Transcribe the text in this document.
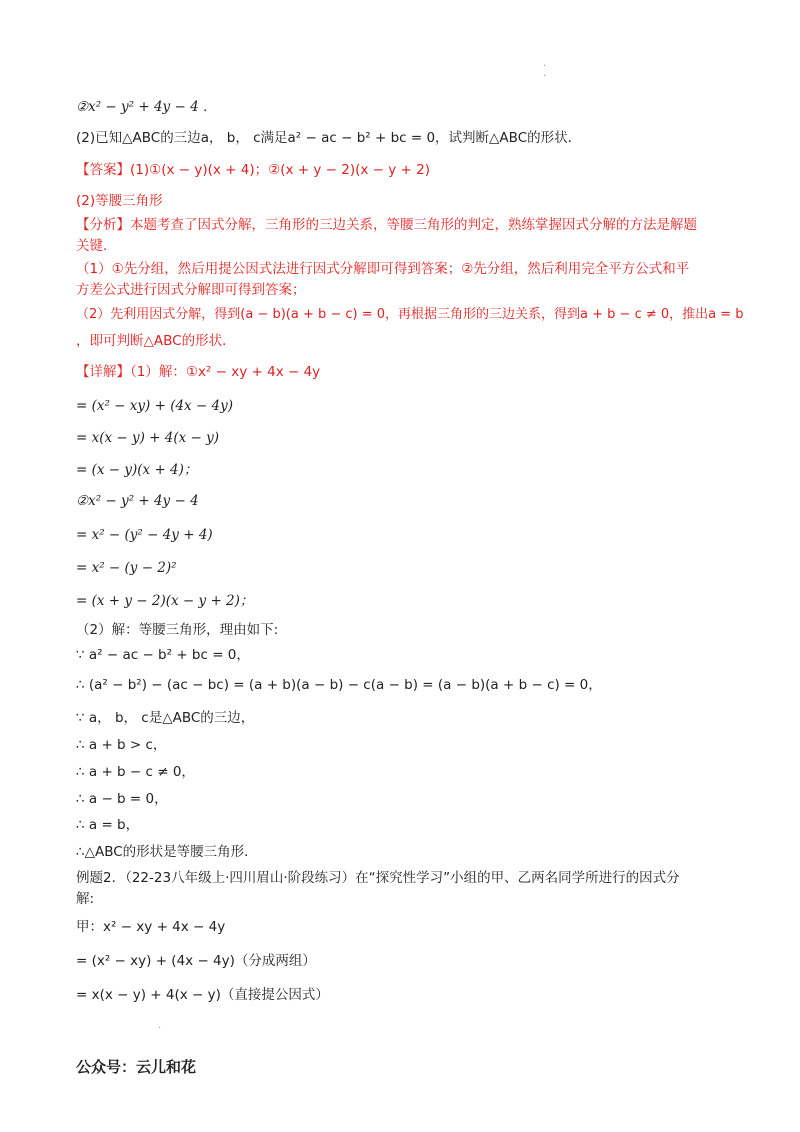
.
.
②x² − y² + 4y − 4 ．
(2)已知△ABC的三边a， b， c满足a² − ac − b² + bc = 0，试判断△ABC的形状．
【答案】(1)①(x − y)(x + 4)；②(x + y − 2)(x − y + 2)
(2)等腰三角形
【分析】本题考查了因式分解，三角形的三边关系，等腰三角形的判定，熟练掌握因式分解的方法是解题
关键．
（1）①先分组，然后用提公因式法进行因式分解即可得到答案；②先分组，然后利用完全平方公式和平
方差公式进行因式分解即可得到答案；
（2）先利用因式分解，得到(a − b)(a + b − c) = 0，再根据三角形的三边关系，得到a + b − c ≠ 0，推出a = b
，即可判断△ABC的形状．
【详解】（1）解：①x² − xy + 4x − 4y
= (x² − xy) + (4x − 4y)
= x(x − y) + 4(x − y)
= (x − y)(x + 4)；
②x² − y² + 4y − 4
= x² − (y² − 4y + 4)
= x² − (y − 2)²
= (x + y − 2)(x − y + 2)；
（2）解：等腰三角形，理由如下:
∵ a² − ac − b² + bc = 0，
∴ (a² − b²) − (ac − bc) = (a + b)(a − b) − c(a − b) = (a − b)(a + b − c) = 0，
∵ a， b， c是△ABC的三边，
∴ a + b > c，
∴ a + b − c ≠ 0，
∴ a − b = 0，
∴ a = b，
∴△ABC的形状是等腰三角形．
例题2．（22-23八年级上·四川眉山·阶段练习）在“探究性学习”小组的甲、乙两名同学所进行的因式分
解:
甲：x² − xy + 4x − 4y
= (x² − xy) + (4x − 4y)（分成两组）
= x(x − y) + 4(x − y)（直接提公因式）
.
公众号：云儿和花
